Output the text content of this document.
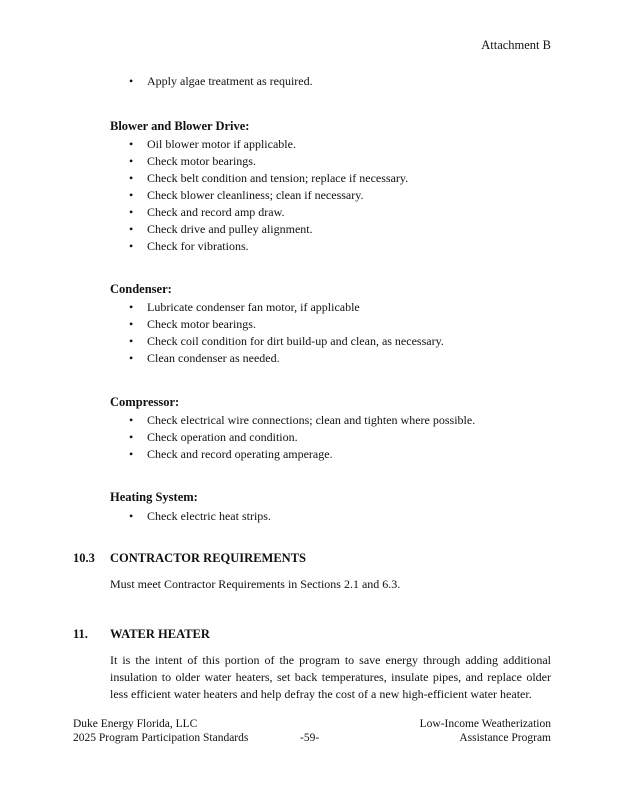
Attachment B
• Apply algae treatment as required.
Blower and Blower Drive:
• Oil blower motor if applicable.
• Check motor bearings.
• Check belt condition and tension; replace if necessary.
• Check blower cleanliness; clean if necessary.
• Check and record amp draw.
• Check drive and pulley alignment.
• Check for vibrations.
Condenser:
• Lubricate condenser fan motor, if applicable
• Check motor bearings.
• Check coil condition for dirt build-up and clean, as necessary.
• Clean condenser as needed.
Compressor:
• Check electrical wire connections; clean and tighten where possible.
• Check operation and condition.
• Check and record operating amperage.
Heating System:
• Check electric heat strips.
10.3 CONTRACTOR REQUIREMENTS
Must meet Contractor Requirements in Sections 2.1 and 6.3.
11. WATER HEATER
It is the intent of this portion of the program to save energy through adding additional insulation to older water heaters, set back temperatures, insulate pipes, and replace older less efficient water heaters and help defray the cost of a new high-efficient water heater.
Duke Energy Florida, LLC
2025 Program Participation Standards	-59-
Low-Income Weatherization
Assistance Program
